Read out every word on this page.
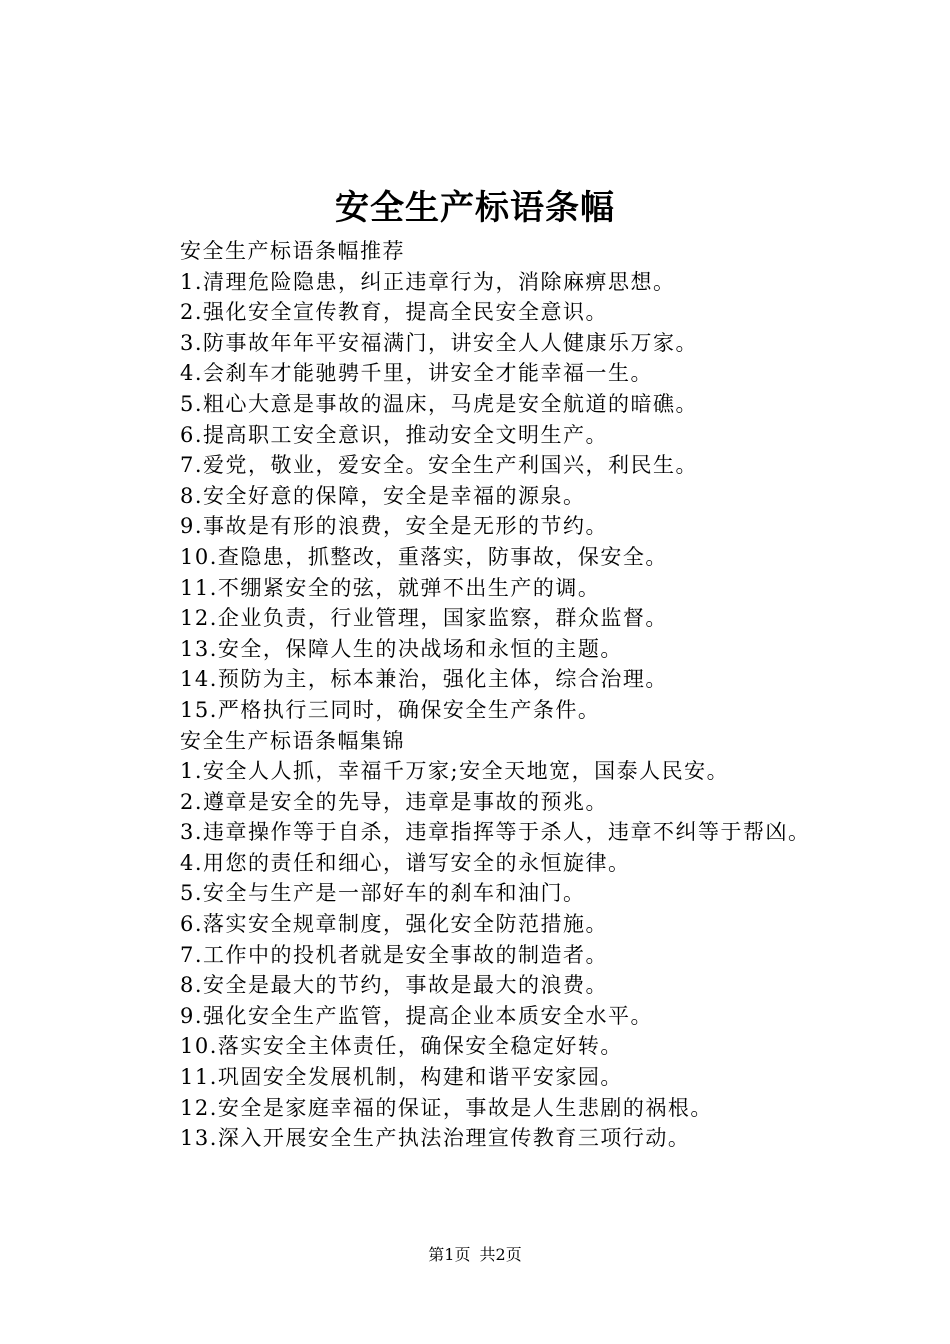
安全生产标语条幅
安全生产标语条幅推荐
1.清理危险隐患，纠正违章行为，消除麻痹思想。
2.强化安全宣传教育，提高全民安全意识。
3.防事故年年平安福满门，讲安全人人健康乐万家。
4.会刹车才能驰骋千里，讲安全才能幸福一生。
5.粗心大意是事故的温床，马虎是安全航道的暗礁。
6.提高职工安全意识，推动安全文明生产。
7.爱党，敬业，爱安全。安全生产利国兴，利民生。
8.安全好意的保障，安全是幸福的源泉。
9.事故是有形的浪费，安全是无形的节约。
10.查隐患，抓整改，重落实，防事故，保安全。
11.不绷紧安全的弦，就弹不出生产的调。
12.企业负责，行业管理，国家监察，群众监督。
13.安全，保障人生的决战场和永恒的主题。
14.预防为主，标本兼治，强化主体，综合治理。
15.严格执行三同时，确保安全生产条件。
安全生产标语条幅集锦
1.安全人人抓，幸福千万家;安全天地宽，国泰人民安。
2.遵章是安全的先导，违章是事故的预兆。
3.违章操作等于自杀，违章指挥等于杀人，违章不纠等于帮凶。
4.用您的责任和细心，谱写安全的永恒旋律。
5.安全与生产是一部好车的刹车和油门。
6.落实安全规章制度，强化安全防范措施。
7.工作中的投机者就是安全事故的制造者。
8.安全是最大的节约，事故是最大的浪费。
9.强化安全生产监管，提高企业本质安全水平。
10.落实安全主体责任，确保安全稳定好转。
11.巩固安全发展机制，构建和谐平安家园。
12.安全是家庭幸福的保证，事故是人生悲剧的祸根。
13.深入开展安全生产执法治理宣传教育三项行动。
第1页 共2页
